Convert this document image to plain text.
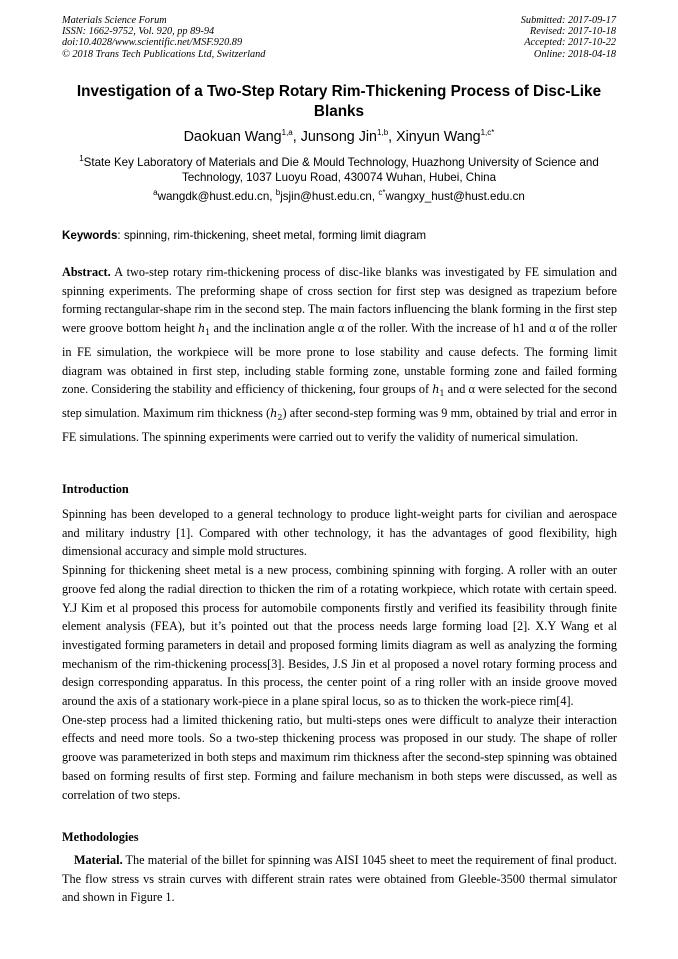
Materials Science Forum
ISSN: 1662-9752, Vol. 920, pp 89-94
doi:10.4028/www.scientific.net/MSF.920.89
© 2018 Trans Tech Publications Ltd, Switzerland
Submitted: 2017-09-17
Revised: 2017-10-18
Accepted: 2017-10-22
Online: 2018-04-18
Investigation of a Two-Step Rotary Rim-Thickening Process of Disc-Like Blanks
Daokuan Wang$^{1,a}$, Junsong Jin$^{1,b}$, Xinyun Wang$^{1,c*}$
$^1$State Key Laboratory of Materials and Die & Mould Technology, Huazhong University of Science and Technology, 1037 Luoyu Road, 430074 Wuhan, Hubei, China
$^a$wangdk@hust.edu.cn, $^b$jsjin@hust.edu.cn, $^{c*}$wangxy_hust@hust.edu.cn
Keywords: spinning, rim-thickening, sheet metal, forming limit diagram

Abstract. A two-step rotary rim-thickening process of disc-like blanks was investigated by FE simulation and spinning experiments. The preforming shape of cross section for first step was designed as trapezium before forming rectangular-shape rim in the second step. The main factors influencing the blank forming in the first step were groove bottom height $h_1$ and the inclination angle α of the roller. With the increase of h1 and α of the roller in FE simulation, the workpiece will be more prone to lose stability and cause defects. The forming limit diagram was obtained in first step, including stable forming zone, unstable forming zone and failed forming zone. Considering the stability and efficiency of thickening, four groups of $h_1$ and α were selected for the second step simulation. Maximum rim thickness $(h_2)$ after second-step forming was 9 mm, obtained by trial and error in FE simulations. The spinning experiments were carried out to verify the validity of numerical simulation.

Introduction

Spinning has been developed to a general technology to produce light-weight parts for civilian and aerospace and military industry [1]. Compared with other technology, it has the advantages of good flexibility, high dimensional accuracy and simple mold structures.

Spinning for thickening sheet metal is a new process, combining spinning with forging. A roller with an outer groove fed along the radial direction to thicken the rim of a rotating workpiece, which rotate with certain speed. Y.J Kim et al proposed this process for automobile components firstly and verified its feasibility through finite element analysis (FEA), but it’s pointed out that the process needs large forming load [2]. X.Y Wang et al investigated forming parameters in detail and proposed forming limits diagram as well as analyzing the forming mechanism of the rim-thickening process[3]. Besides, J.S Jin et al proposed a novel rotary forming process and design corresponding apparatus. In this process, the center point of a ring roller with an inside groove moved around the axis of a stationary work-piece in a plane spiral locus, so as to thicken the work-piece rim[4].

One-step process had a limited thickening ratio, but multi-steps ones were difficult to analyze their interaction effects and need more tools. So a two-step thickening process was proposed in our study. The shape of roller groove was parameterized in both steps and maximum rim thickness after the second-step spinning was obtained based on forming results of first step. Forming and failure mechanism in both steps were discussed, as well as correlation of two steps.

Methodologies

Material. The material of the billet for spinning was AISI 1045 sheet to meet the requirement of final product. The flow stress vs strain curves with different strain rates were obtained from Gleeble-3500 thermal simulator and shown in Figure 1.
